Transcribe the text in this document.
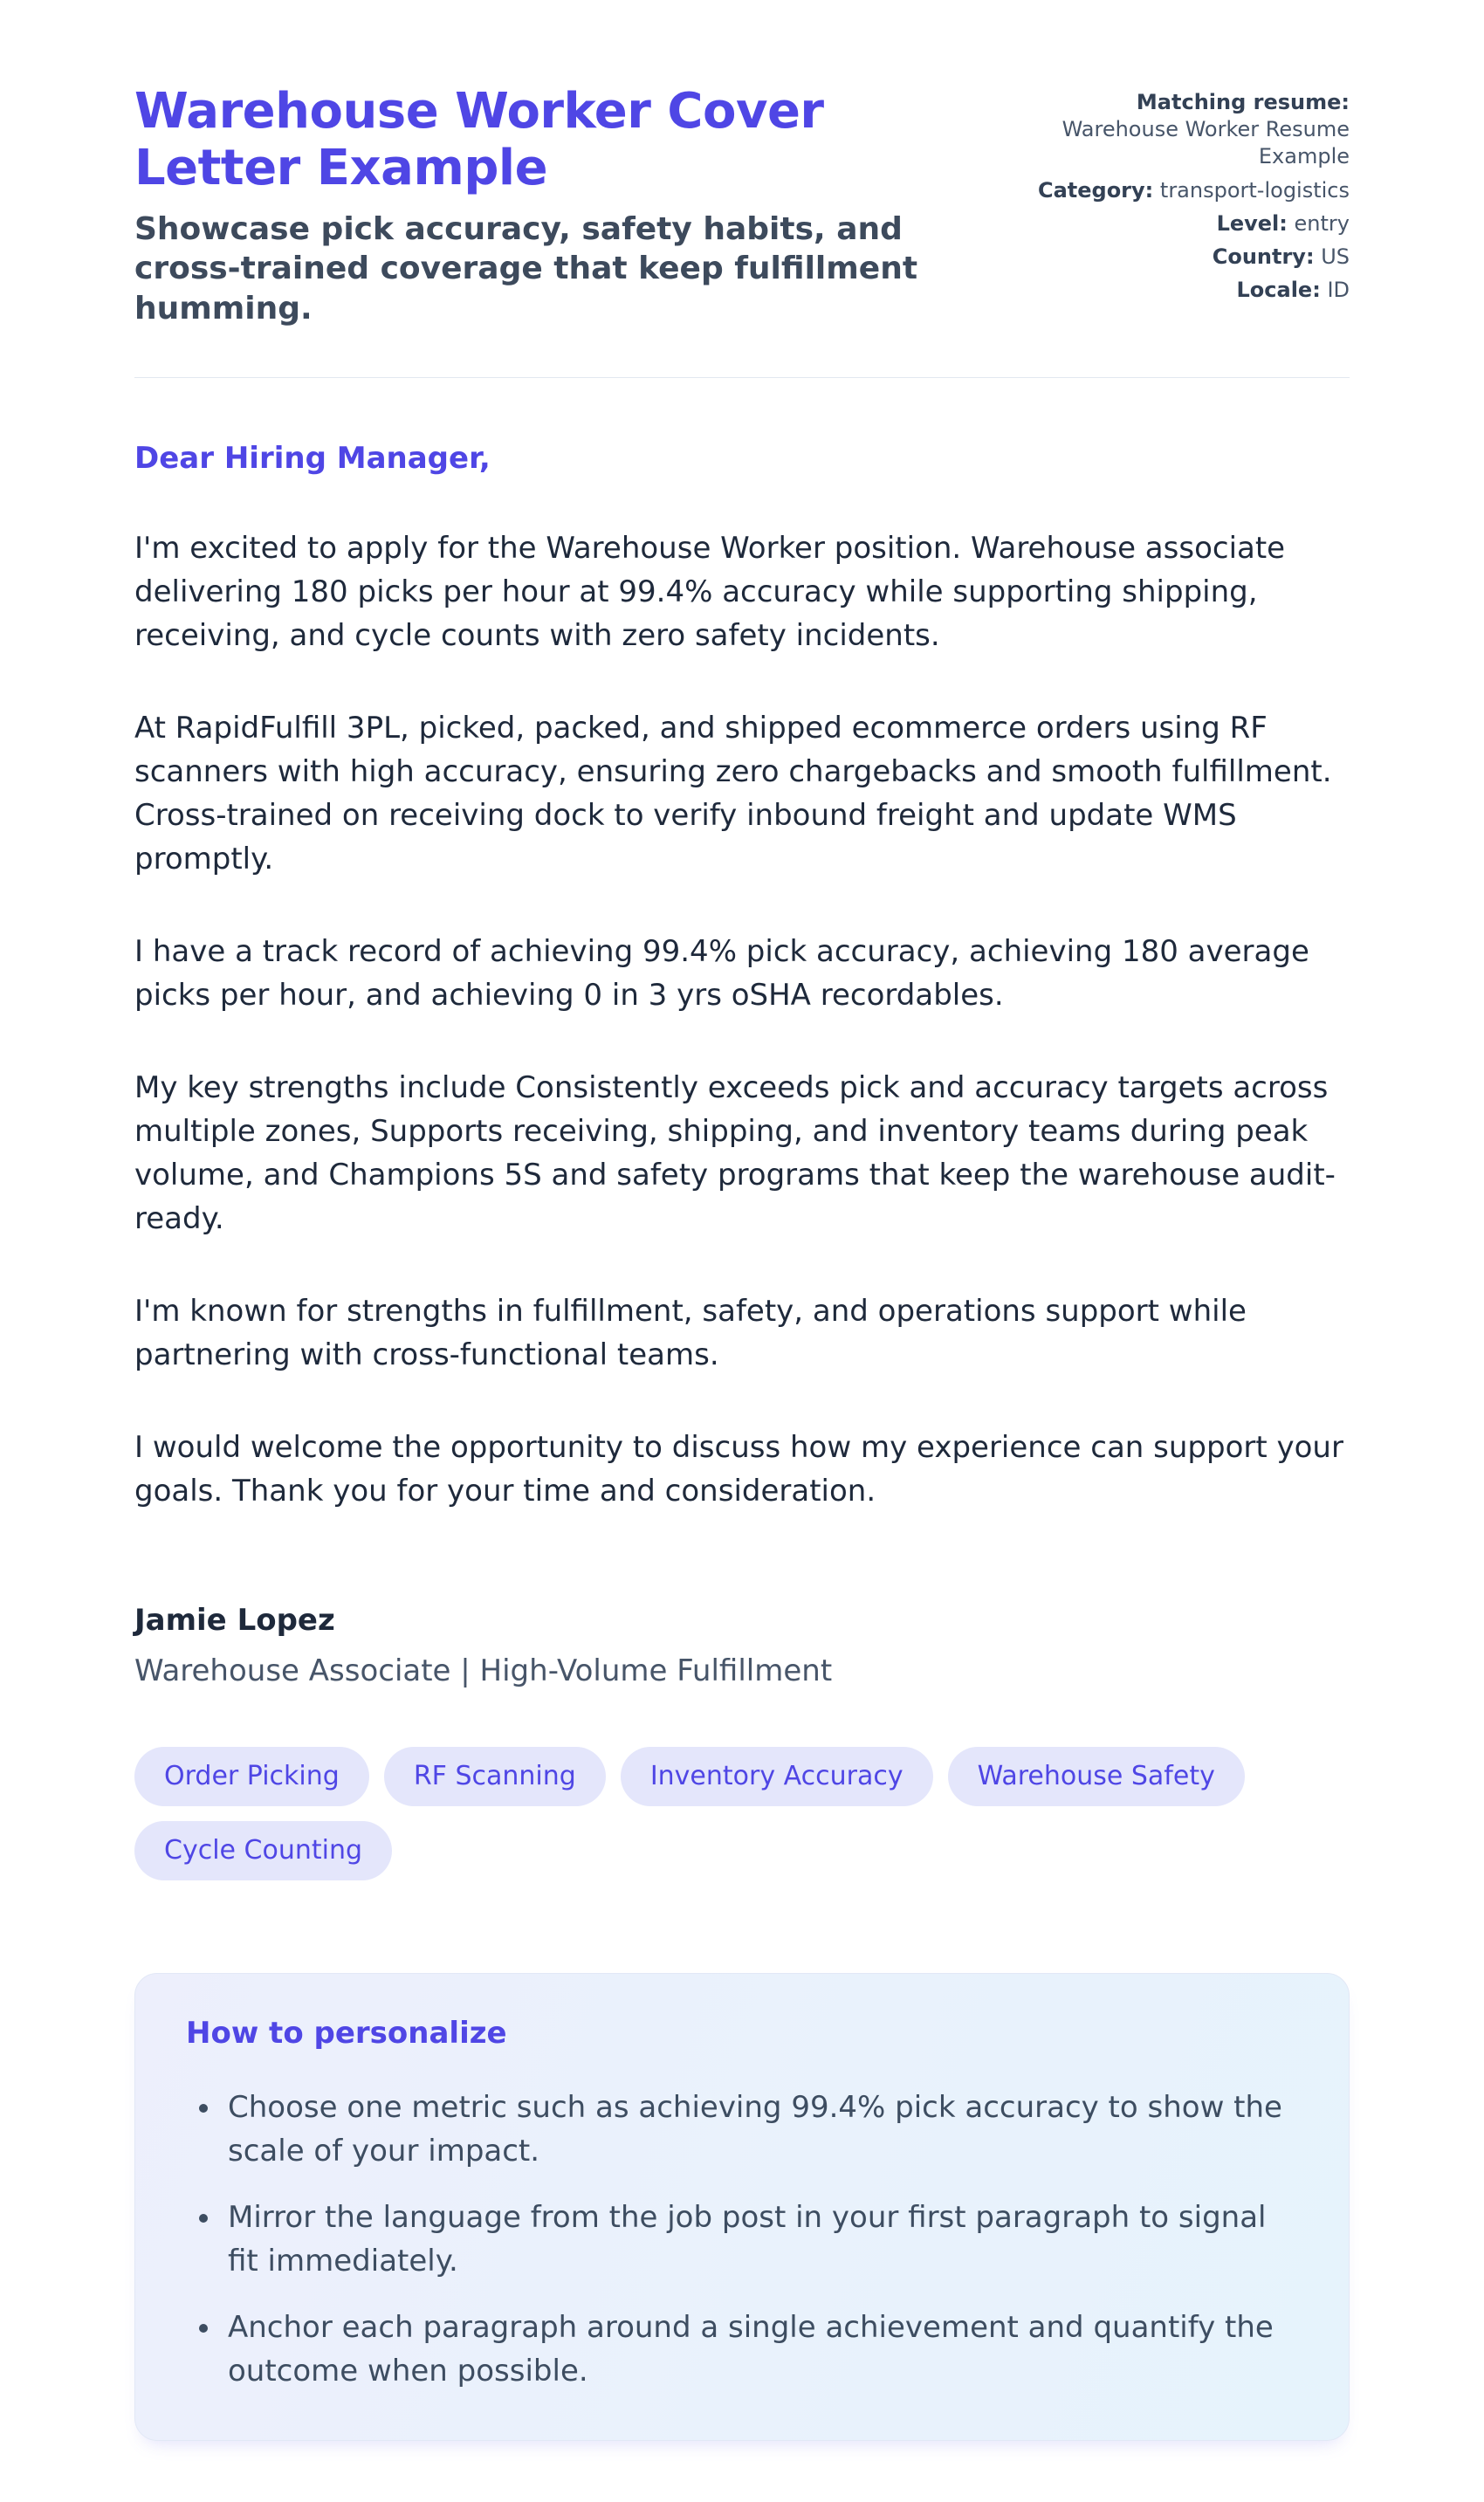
Warehouse Worker Cover Letter Example

Showcase pick accuracy, safety habits, and cross-trained coverage that keep fulfillment humming.

Matching resume: Warehouse Worker Resume Example
Category: transport-logistics
Level: entry
Country: US
Locale: ID

Dear Hiring Manager,

I'm excited to apply for the Warehouse Worker position. Warehouse associate delivering 180 picks per hour at 99.4% accuracy while supporting shipping, receiving, and cycle counts with zero safety incidents.

At RapidFulfill 3PL, picked, packed, and shipped ecommerce orders using RF scanners with high accuracy, ensuring zero chargebacks and smooth fulfillment. Cross-trained on receiving dock to verify inbound freight and update WMS promptly.

I have a track record of achieving 99.4% pick accuracy, achieving 180 average picks per hour, and achieving 0 in 3 yrs oSHA recordables.

My key strengths include Consistently exceeds pick and accuracy targets across multiple zones, Supports receiving, shipping, and inventory teams during peak volume, and Champions 5S and safety programs that keep the warehouse audit-ready.

I'm known for strengths in fulfillment, safety, and operations support while partnering with cross-functional teams.

I would welcome the opportunity to discuss how my experience can support your goals. Thank you for your time and consideration.

Jamie Lopez

Warehouse Associate | High-Volume Fulfillment

Order Picking	RF Scanning	Inventory Accuracy	Warehouse Safety
Cycle Counting
How to personalize
• Choose one metric such as achieving 99.4% pick accuracy to show the scale of your impact.
• Mirror the language from the job post in your first paragraph to signal fit immediately.
• Anchor each paragraph around a single achievement and quantify the outcome when possible.
